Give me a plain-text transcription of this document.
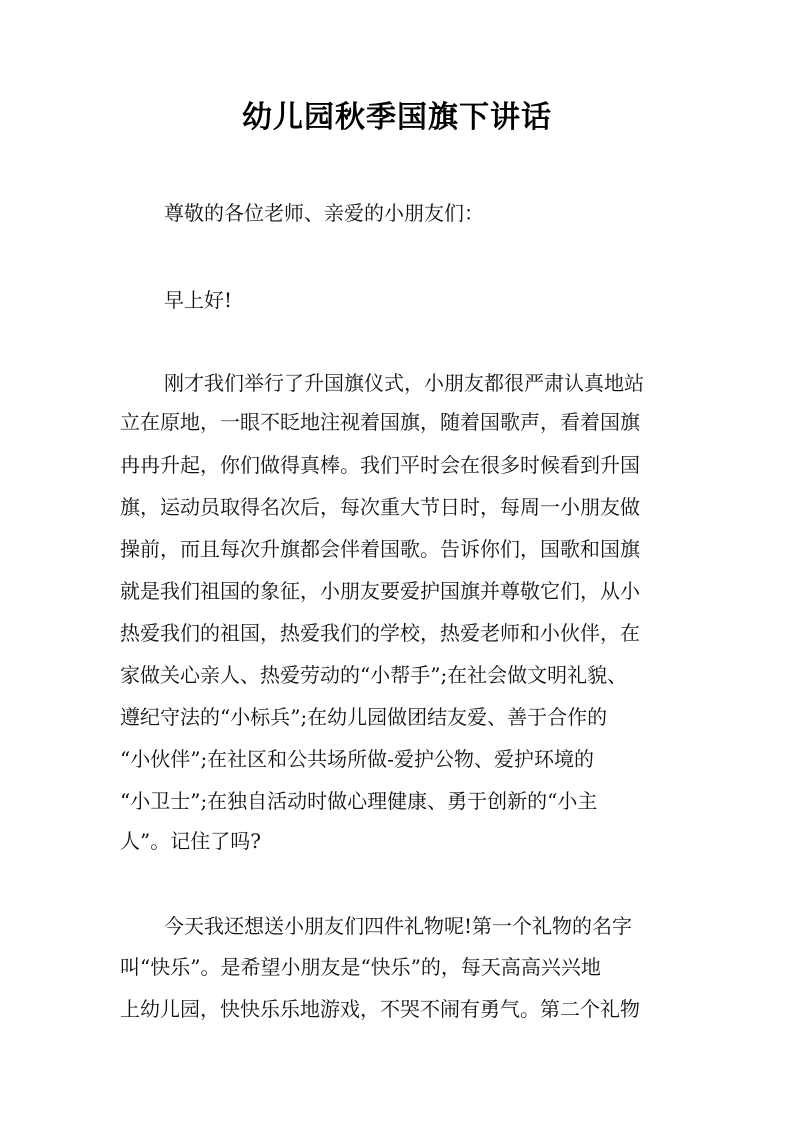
幼儿园秋季国旗下讲话
尊敬的各位老师、亲爱的小朋友们：
早上好!
刚才我们举行了升国旗仪式，小朋友都很严肃认真地站
立在原地，一眼不眨地注视着国旗，随着国歌声，看着国旗
冉冉升起，你们做得真棒。我们平时会在很多时候看到升国
旗，运动员取得名次后，每次重大节日时，每周一小朋友做
操前，而且每次升旗都会伴着国歌。告诉你们，国歌和国旗
就是我们祖国的象征，小朋友要爱护国旗并尊敬它们，从小
热爱我们的祖国，热爱我们的学校，热爱老师和小伙伴，在
家做关心亲人、热爱劳动的“小帮手”;在社会做文明礼貌、
遵纪守法的“小标兵”;在幼儿园做团结友爱、善于合作的
“小伙伴”;在社区和公共场所做-爱护公物、爱护环境的
“小卫士”;在独自活动时做心理健康、勇于创新的“小主
人”。记住了吗?
今天我还想送小朋友们四件礼物呢!第一个礼物的名字
叫“快乐”。是希望小朋友是“快乐”的，每天高高兴兴地
上幼儿园，快快乐乐地游戏，不哭不闹有勇气。第二个礼物
